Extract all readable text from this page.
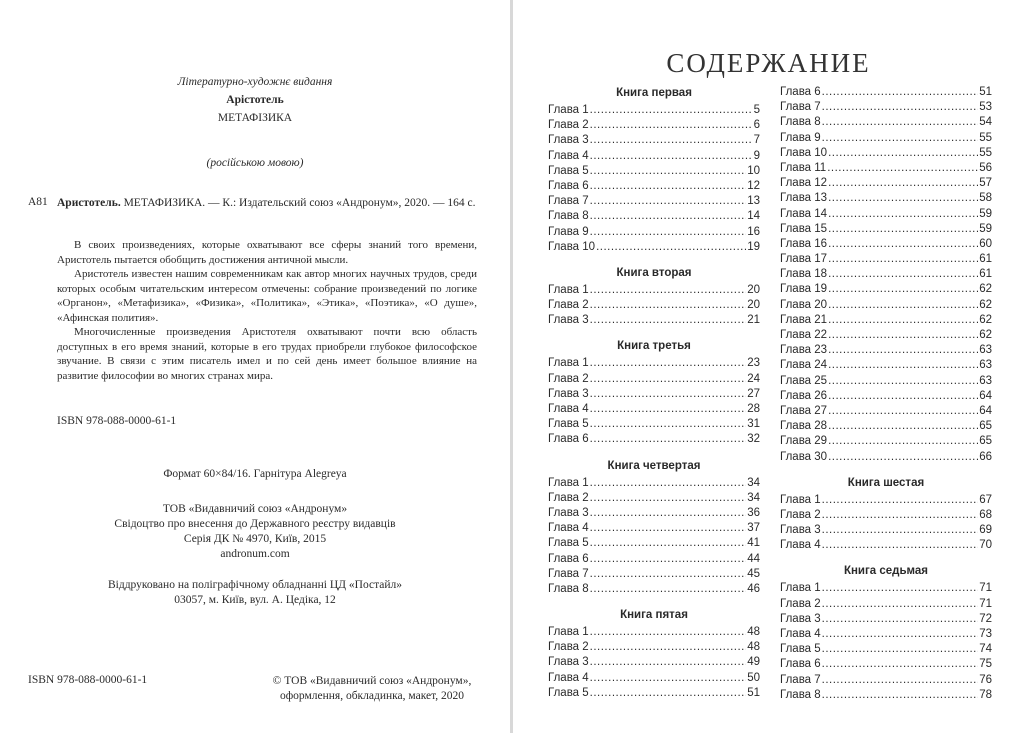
Літературно-художнє видання
Арістотель
МЕТАФІЗИКА
(російською мовою)
А81 Аристотель. МЕТАФИЗИКА. — К.: Издательский союз «Андронум», 2020. — 164 с.

В своих произведениях, которые охватывают все сферы знаний того времени, Аристотель пытается обобщить достижения античной мысли.

Аристотель известен нашим современникам как автор многих научных трудов, среди которых особым читательским интересом отмечены: собрание произведений по логике «Органон», «Метафизика», «Физика», «Политика», «Этика», «Поэтика», «О душе», «Афинская полития».

Многочисленные произведения Аристотеля охватывают почти всю область доступных в его время знаний, которые в его трудах приобрели глубокое философское звучание. В связи с этим писатель имел и по сей день имеет большое влияние на развитие философии во многих странах мира.

ISBN 978-088-0000-61-1
Формат 60×84/16. Гарнітура Alegreya
ТОВ «Видавничий союз «Андронум»
Свідоцтво про внесення до Державного реєстру видавців
Серія ДК № 4970, Київ, 2015
andronum.com
Віддруковано на поліграфічному обладнанні ЦД «Постайл»
03057, м. Київ, вул. А. Цедіка, 12
ISBN 978-088-0000-61-1	© ТОВ «Видавничий союз «Андронум»,
оформлення, обкладинка, макет, 2020
СОДЕРЖАНИЕ
Книга первая
Глава 1 .....	5
Глава 2 .....	6
Глава 3 .....	7
Глава 4 .....	9
Глава 5 .....	10
Глава 6 .....	12
Глава 7 .....	13
Глава 8 .....	14
Глава 9 .....	16
Глава 10 .....	19
Книга вторая
Глава 1 .....	20
Глава 2 .....	20
Глава 3 .....	21
Книга третья
Глава 1 .....	23
Глава 2 .....	24
Глава 3 .....	27
Глава 4 .....	28
Глава 5 .....	31
Глава 6 .....	32
Книга четвертая
Глава 1 .....	34
Глава 2 .....	34
Глава 3 .....	36
Глава 4 .....	37
Глава 5 .....	41
Глава 6 .....	44
Глава 7 .....	45
Глава 8 .....	46
Книга пятая
Глава 1 .....	48
Глава 2 .....	48
Глава 3 .....	49
Глава 4 .....	50
Глава 5 .....	51
Глава 6 .....	51
Глава 7 .....	53
Глава 8 .....	54
Глава 9 .....	55
Глава 10 .....	55
Глава 11 .....	56
Глава 12 .....	57
Глава 13 .....	58
Глава 14 .....	59
Глава 15 .....	59
Глава 16 .....	60
Глава 17 .....	61
Глава 18 .....	61
Глава 19 .....	62
Глава 20 .....	62
Глава 21 .....	62
Глава 22 .....	62
Глава 23 .....	63
Глава 24 .....	63
Глава 25 .....	63
Глава 26 .....	64
Глава 27 .....	64
Глава 28 .....	65
Глава 29 .....	65
Глава 30 .....	66
Книга шестая
Глава 1 .....	67
Глава 2 .....	68
Глава 3 .....	69
Глава 4 .....	70
Книга седьмая
Глава 1 .....	71
Глава 2 .....	71
Глава 3 .....	72
Глава 4 .....	73
Глава 5 .....	74
Глава 6 .....	75
Глава 7 .....	76
Глава 8 .....	78
